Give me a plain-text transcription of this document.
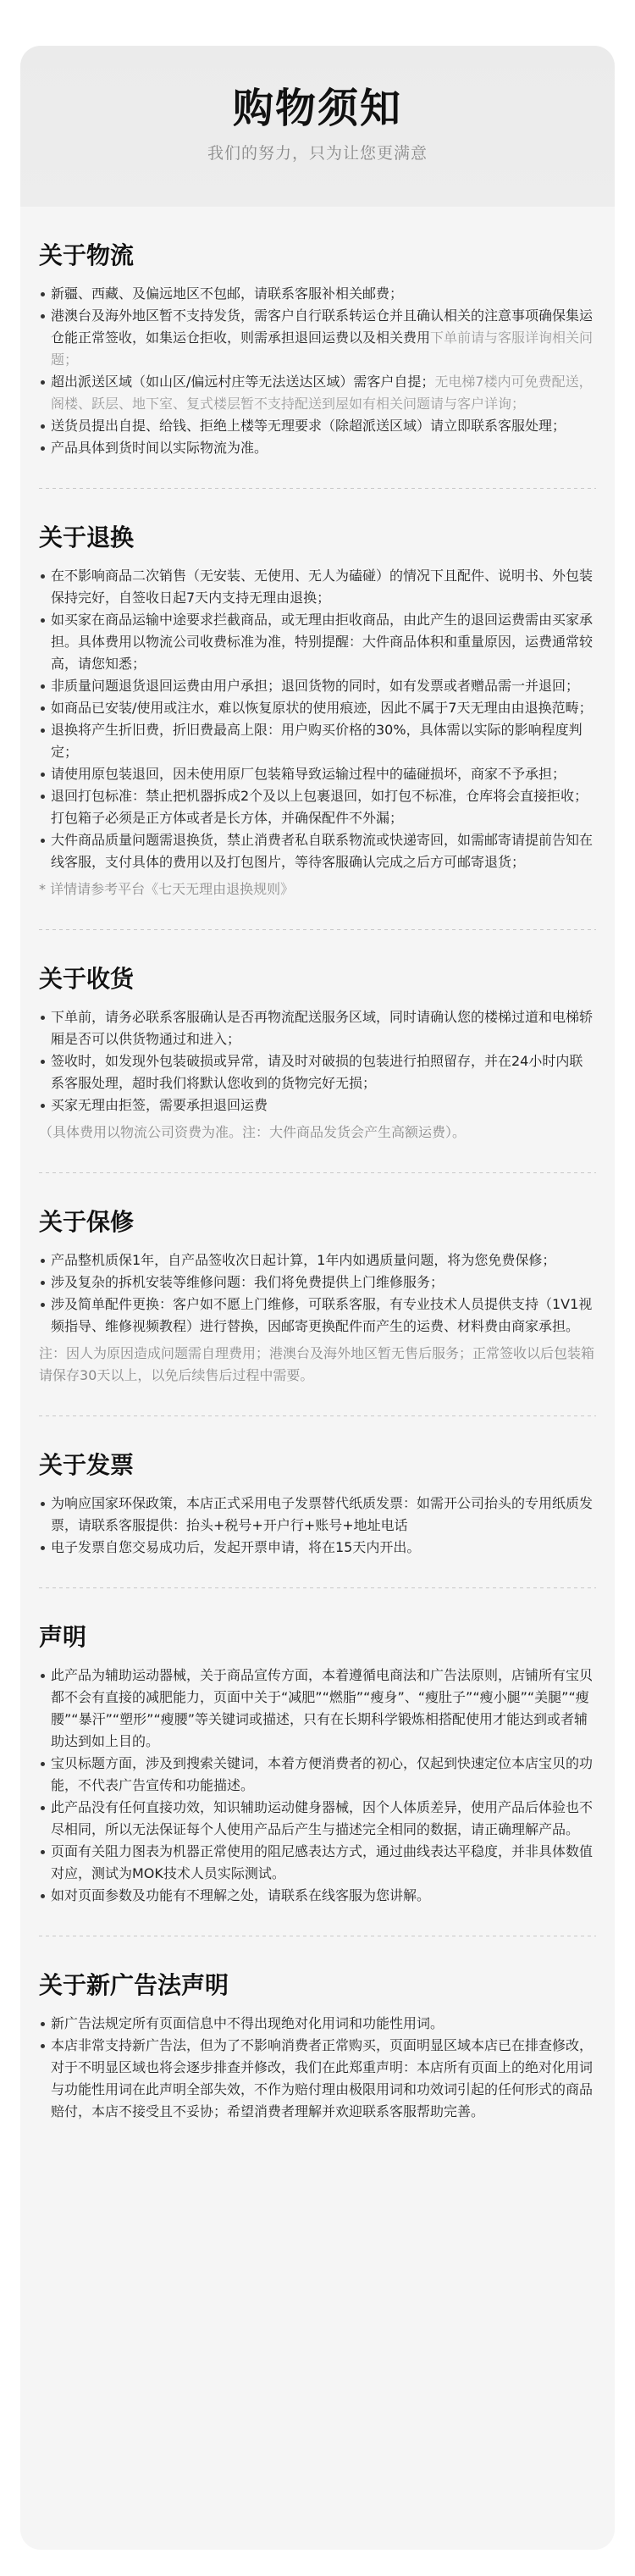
购物须知
我们的努力，只为让您更满意
关于物流
新疆、西藏、及偏远地区不包邮，请联系客服补相关邮费；
港澳台及海外地区暂不支持发货，需客户自行联系转运仓并且确认相关的注意事项确保集运仓能正常签收，如集运仓拒收，则需承担退回运费以及相关费用下单前请与客服详询相关问题；
超出派送区域（如山区/偏远村庄等无法送达区域）需客户自提；无电梯7楼内可免费配送，阁楼、跃层、地下室、复式楼层暂不支持配送到屋如有相关问题请与客户详询；
送货员提出自提、给钱、拒绝上楼等无理要求（除超派送区域）请立即联系客服处理；
产品具体到货时间以实际物流为准。
关于退换
在不影响商品二次销售（无安装、无使用、无人为磕碰）的情况下且配件、说明书、外包装保持完好，自签收日起7天内支持无理由退换；
如买家在商品运输中途要求拦截商品，或无理由拒收商品，由此产生的退回运费需由买家承担。具体费用以物流公司收费标准为准，特别提醒：大件商品体积和重量原因，运费通常较高，请您知悉；
非质量问题退货退回运费由用户承担；退回货物的同时，如有发票或者赠品需一并退回；
如商品已安装/使用或注水，难以恢复原状的使用痕迹，因此不属于7天无理由由退换范畴；
退换将产生折旧费，折旧费最高上限：用户购买价格的30%，具体需以实际的影响程度判定；
请使用原包装退回，因未使用原厂包装箱导致运输过程中的磕碰损坏，商家不予承担；
退回打包标准：禁止把机器拆成2个及以上包裹退回，如打包不标准，仓库将会直接拒收；打包箱子必须是正方体或者是长方体，并确保配件不外漏；
大件商品质量问题需退换货，禁止消费者私自联系物流或快递寄回，如需邮寄请提前告知在线客服，支付具体的费用以及打包图片，等待客服确认完成之后方可邮寄退货；
* 详情请参考平台《七天无理由退换规则》
关于收货
下单前，请务必联系客服确认是否再物流配送服务区域，同时请确认您的楼梯过道和电梯轿厢是否可以供货物通过和进入；
签收时，如发现外包装破损或异常，请及时对破损的包装进行拍照留存，并在24小时内联系客服处理，超时我们将默认您收到的货物完好无损；
买家无理由拒签，需要承担退回运费
（具体费用以物流公司资费为准。注：大件商品发货会产生高额运费）。
关于保修
产品整机质保1年，自产品签收次日起计算，1年内如遇质量问题，将为您免费保修；
涉及复杂的拆机安装等维修问题：我们将免费提供上门维修服务；
涉及简单配件更换：客户如不愿上门维修，可联系客服，有专业技术人员提供支持（1V1视频指导、维修视频教程）进行替换，因邮寄更换配件而产生的运费、材料费由商家承担。
注：因人为原因造成问题需自理费用；港澳台及海外地区暂无售后服务；正常签收以后包装箱请保存30天以上，以免后续售后过程中需要。
关于发票
为响应国家环保政策，本店正式采用电子发票替代纸质发票：如需开公司抬头的专用纸质发票，请联系客服提供：抬头+税号+开户行+账号+地址电话
电子发票自您交易成功后，发起开票申请，将在15天内开出。
声明
此产品为辅助运动器械，关于商品宣传方面，本着遵循电商法和广告法原则，店铺所有宝贝都不会有直接的减肥能力，页面中关于“减肥”“燃脂”“瘦身”、“瘦肚子”“瘦小腿”“美腿”“瘦腰”“暴汗”“塑形”“瘦腰”等关键词或描述，只有在长期科学锻炼相搭配使用才能达到或者辅助达到如上目的。
宝贝标题方面，涉及到搜索关键词，本着方便消费者的初心，仅起到快速定位本店宝贝的功能，不代表广告宣传和功能描述。
此产品没有任何直接功效，知识辅助运动健身器械，因个人体质差异，使用产品后体验也不尽相同，所以无法保证每个人使用产品后产生与描述完全相同的数据，请正确理解产品。
页面有关阻力图表为机器正常使用的阻尼感表达方式，通过曲线表达平稳度，并非具体数值对应，测试为MOK技术人员实际测试。
如对页面参数及功能有不理解之处，请联系在线客服为您讲解。
关于新广告法声明
新广告法规定所有页面信息中不得出现绝对化用词和功能性用词。
本店非常支持新广告法，但为了不影响消费者正常购买，页面明显区域本店已在排查修改，对于不明显区域也将会逐步排查并修改，我们在此郑重声明：本店所有页面上的绝对化用词与功能性用词在此声明全部失效，不作为赔付理由极限用词和功效词引起的任何形式的商品赔付，本店不接受且不妥协；希望消费者理解并欢迎联系客服帮助完善。
